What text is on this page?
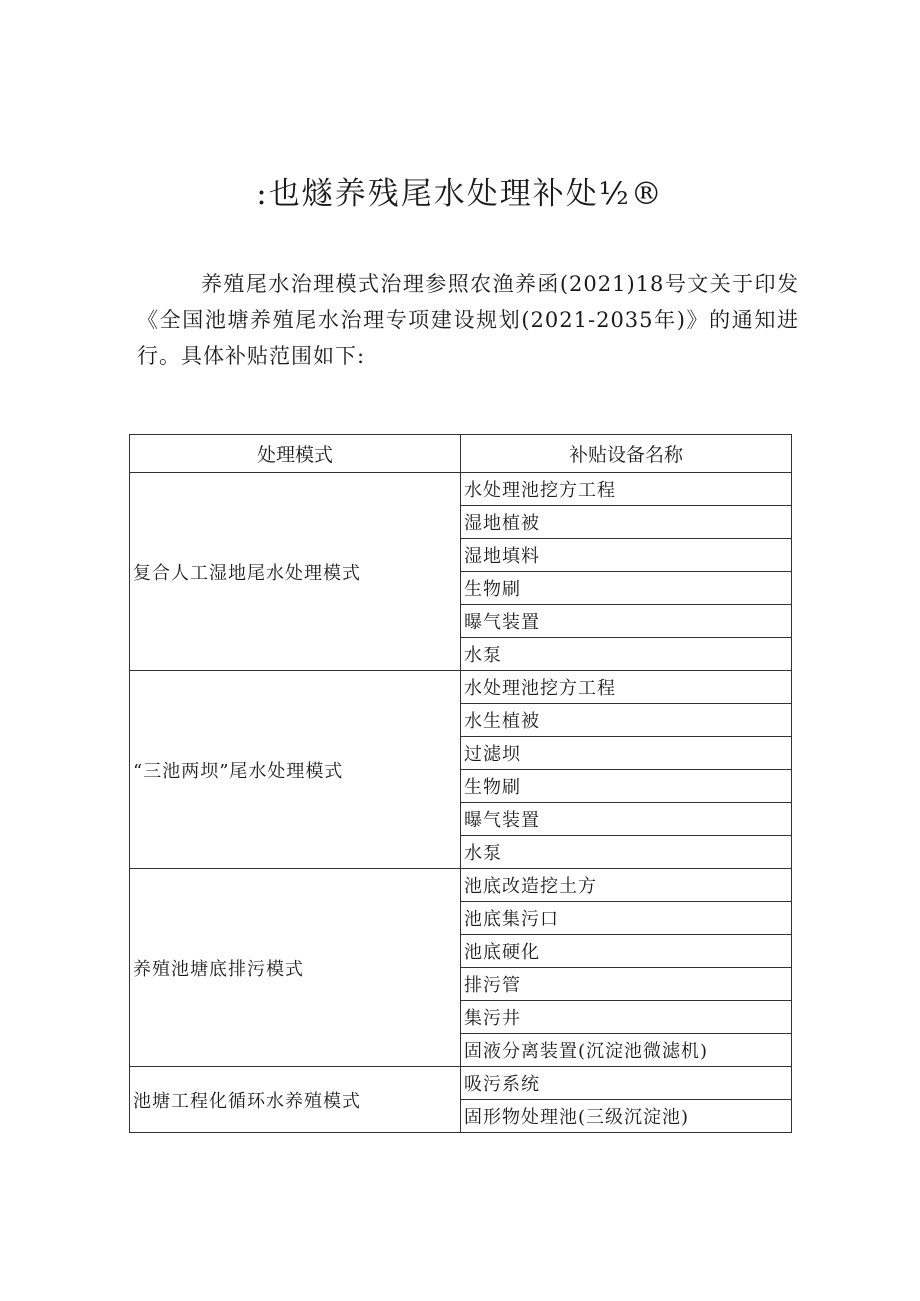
:也燧养残尾水处理补处½®
养殖尾水治理模式治理参照农渔养函(2021)18号文关于印发《全国池塘养殖尾水治理专项建设规划(2021-2035年)》的通知进行。具体补贴范围如下:
处理模式	补贴设备名称
复合人工湿地尾水处理模式	水处理池挖方工程
	湿地植被
	湿地填料
	生物刷
	曝气装置
	水泵
“三池两坝”尾水处理模式	水处理池挖方工程
	水生植被
	过滤坝
	生物刷
	曝气装置
	水泵
养殖池塘底排污模式	池底改造挖土方
	池底集污口
	池底硬化
	排污管
	集污井
	固液分离装置(沉淀池微滤机)
池塘工程化循环水养殖模式	吸污系统
	固形物处理池(三级沉淀池)
